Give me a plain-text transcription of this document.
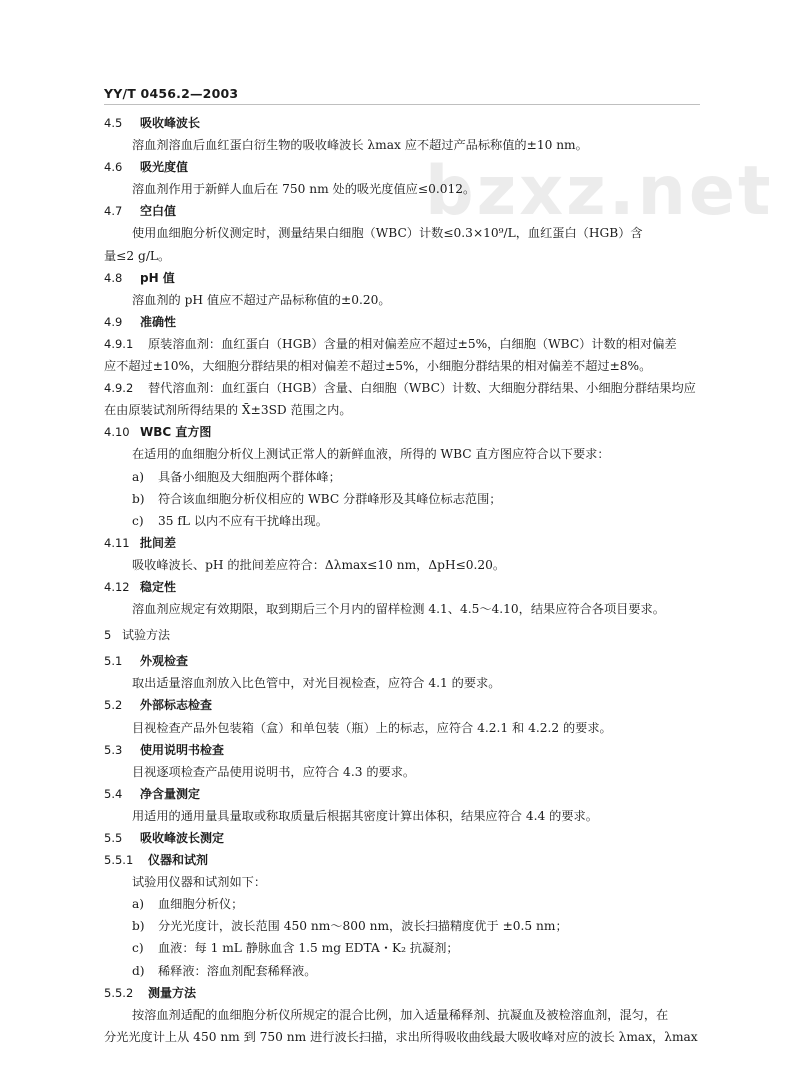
YY/T 0456.2—2003
bzxz.net
4.5	吸收峰波长
溶血剂溶血后血红蛋白衍生物的吸收峰波长 λmax 应不超过产品标称值的±10 nm。
4.6	吸光度值
溶血剂作用于新鲜人血后在 750 nm 处的吸光度值应≤0.012。
4.7	空白值
使用血细胞分析仪测定时，测量结果白细胞（WBC）计数≤0.3×10⁹/L，血红蛋白（HGB）含
量≤2 g/L。
4.8	pH 值
溶血剂的 pH 值应不超过产品标称值的±0.20。
4.9	准确性
4.9.1	原装溶血剂：血红蛋白（HGB）含量的相对偏差应不超过±5%，白细胞（WBC）计数的相对偏差
应不超过±10%，大细胞分群结果的相对偏差不超过±5%，小细胞分群结果的相对偏差不超过±8%。
4.9.2	替代溶血剂：血红蛋白（HGB）含量、白细胞（WBC）计数、大细胞分群结果、小细胞分群结果均应
在由原装试剂所得结果的 X̄±3SD 范围之内。
4.10 WBC 直方图
在适用的血细胞分析仪上测试正常人的新鲜血液，所得的 WBC 直方图应符合以下要求：
a)	具备小细胞及大细胞两个群体峰；
b)	符合该血细胞分析仪相应的 WBC 分群峰形及其峰位标志范围；
c)	35 fL 以内不应有干扰峰出现。
4.11 批间差
吸收峰波长、pH 的批间差应符合：Δλmax≤10 nm，ΔpH≤0.20。
4.12 稳定性
溶血剂应规定有效期限，取到期后三个月内的留样检测 4.1、4.5～4.10，结果应符合各项目要求。
5 试验方法
5.1	外观检查
取出适量溶血剂放入比色管中，对光目视检查，应符合 4.1 的要求。
5.2	外部标志检查
目视检查产品外包装箱（盒）和单包装（瓶）上的标志，应符合 4.2.1 和 4.2.2 的要求。
5.3	使用说明书检查
目视逐项检查产品使用说明书，应符合 4.3 的要求。
5.4	净含量测定
用适用的通用量具量取或称取质量后根据其密度计算出体积，结果应符合 4.4 的要求。
5.5	吸收峰波长测定
5.5.1	仪器和试剂
试验用仪器和试剂如下：
a)	血细胞分析仪；
b)	分光光度计，波长范围 450 nm～800 nm，波长扫描精度优于 ±0.5 nm；
c)	血液：每 1 mL 静脉血含 1.5 mg EDTA・K₂ 抗凝剂；
d)	稀释液：溶血剂配套稀释液。
5.5.2	测量方法
按溶血剂适配的血细胞分析仪所规定的混合比例，加入适量稀释剂、抗凝血及被检溶血剂，混匀，在
分光光度计上从 450 nm 到 750 nm 进行波长扫描，求出所得吸收曲线最大吸收峰对应的波长 λmax，λmax
